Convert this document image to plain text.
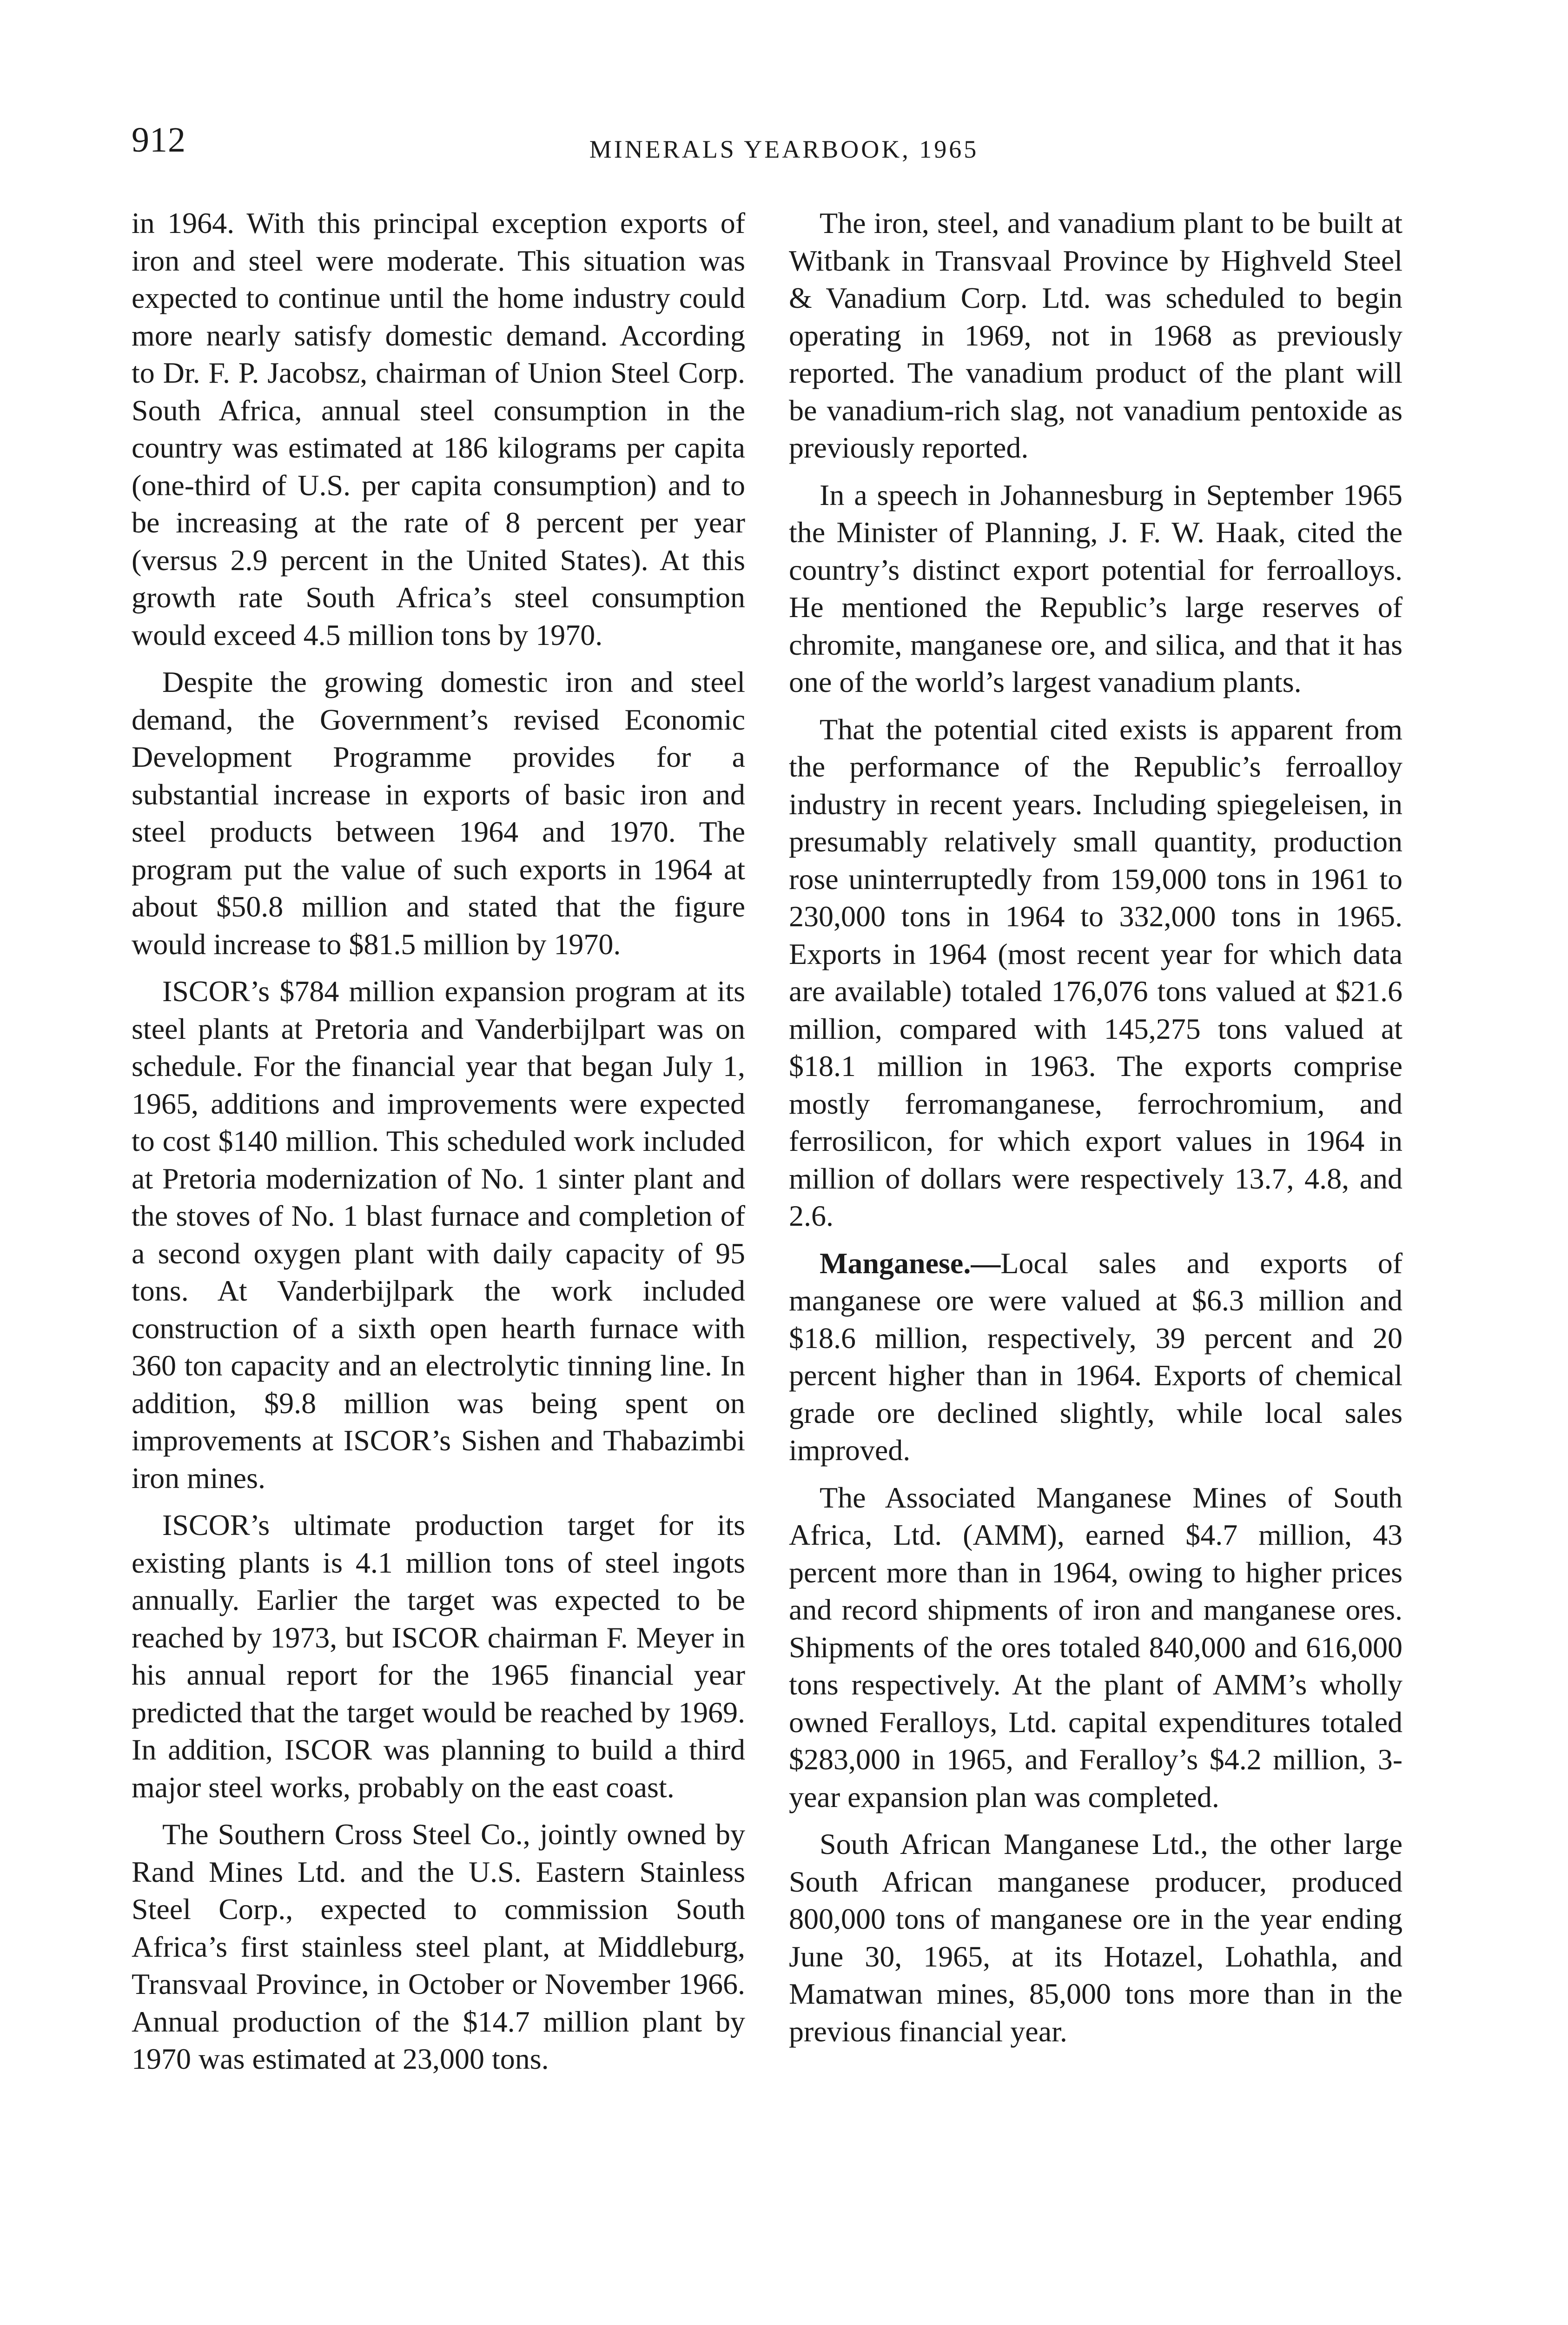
912	MINERALS YEARBOOK, 1965

in 1964. With this principal exception exports of iron and steel were moderate. This situation was expected to continue until the home industry could more nearly satisfy domestic demand. According to Dr. F. P. Jacobsz, chairman of Union Steel Corp. South Africa, annual steel consumption in the country was estimated at 186 kilograms per capita (one-third of U.S. per capita consumption) and to be increasing at the rate of 8 percent per year (versus 2.9 percent in the United States). At this growth rate South Africa’s steel consumption would exceed 4.5 million tons by 1970.

Despite the growing domestic iron and steel demand, the Government’s revised Economic Development Programme provides for a substantial increase in exports of basic iron and steel products between 1964 and 1970. The program put the value of such exports in 1964 at about $50.8 million and stated that the figure would increase to $81.5 million by 1970.

ISCOR’s $784 million expansion program at its steel plants at Pretoria and Vanderbijlpart was on schedule. For the financial year that began July 1, 1965, additions and improvements were expected to cost $140 million. This scheduled work included at Pretoria modernization of No. 1 sinter plant and the stoves of No. 1 blast furnace and completion of a second oxygen plant with daily capacity of 95 tons. At Vanderbijlpark the work included construction of a sixth open hearth furnace with 360 ton capacity and an electrolytic tinning line. In addition, $9.8 million was being spent on improvements at ISCOR’s Sishen and Thabazimbi iron mines.

ISCOR’s ultimate production target for its existing plants is 4.1 million tons of steel ingots annually. Earlier the target was expected to be reached by 1973, but ISCOR chairman F. Meyer in his annual report for the 1965 financial year predicted that the target would be reached by 1969. In addition, ISCOR was planning to build a third major steel works, probably on the east coast.

The Southern Cross Steel Co., jointly owned by Rand Mines Ltd. and the U.S. Eastern Stainless Steel Corp., expected to commission South Africa’s first stainless steel plant, at Middleburg, Transvaal Province, in October or November 1966. Annual production of the $14.7 million plant by 1970 was estimated at 23,000 tons.

The iron, steel, and vanadium plant to be built at Witbank in Transvaal Province by Highveld Steel & Vanadium Corp. Ltd. was scheduled to begin operating in 1969, not in 1968 as previously reported. The vanadium product of the plant will be vanadium-rich slag, not vanadium pentoxide as previously reported.

In a speech in Johannesburg in September 1965 the Minister of Planning, J. F. W. Haak, cited the country’s distinct export potential for ferroalloys. He mentioned the Republic’s large reserves of chromite, manganese ore, and silica, and that it has one of the world’s largest vanadium plants.

That the potential cited exists is apparent from the performance of the Republic’s ferroalloy industry in recent years. Including spiegeleisen, in presumably relatively small quantity, production rose uninterruptedly from 159,000 tons in 1961 to 230,000 tons in 1964 to 332,000 tons in 1965. Exports in 1964 (most recent year for which data are available) totaled 176,076 tons valued at $21.6 million, compared with 145,275 tons valued at $18.1 million in 1963. The exports comprise mostly ferromanganese, ferrochromium, and ferrosilicon, for which export values in 1964 in million of dollars were respectively 13.7, 4.8, and 2.6.

Manganese.—Local sales and exports of manganese ore were valued at $6.3 million and $18.6 million, respectively, 39 percent and 20 percent higher than in 1964. Exports of chemical grade ore declined slightly, while local sales improved.

The Associated Manganese Mines of South Africa, Ltd. (AMM), earned $4.7 million, 43 percent more than in 1964, owing to higher prices and record shipments of iron and manganese ores. Shipments of the ores totaled 840,000 and 616,000 tons respectively. At the plant of AMM’s wholly owned Feralloys, Ltd. capital expenditures totaled $283,000 in 1965, and Feralloy’s $4.2 million, 3-year expansion plan was completed.

South African Manganese Ltd., the other large South African manganese producer, produced 800,000 tons of manganese ore in the year ending June 30, 1965, at its Hotazel, Lohathla, and Mamatwan mines, 85,000 tons more than in the previous financial year.
